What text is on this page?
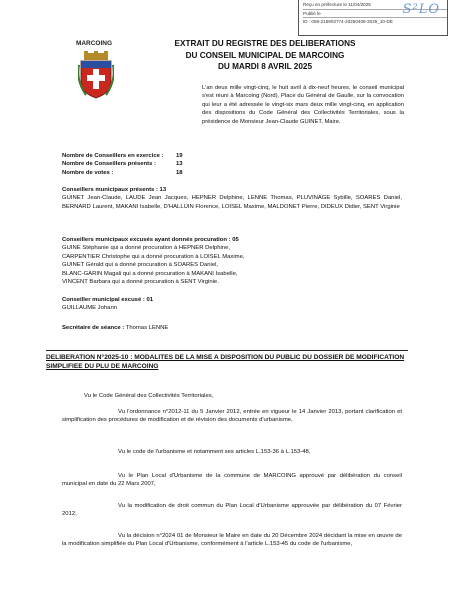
Reçu en préfecture le 11/04/2025
Publié le
ID : 059-215903774-20250408-2025_10-DE
S²LO
MARCOING	EXTRAIT DU REGISTRE DES DELIBERATIONS
DU CONSEIL MUNICIPAL DE MARCOING
DU MARDI 8 AVRIL 2025
L'an deux mille vingt-cinq, le huit avril à dix-neuf heures, le conseil municipal s'est réuni à Marcoing (Nord), Place du Général de Gaulle, sur la convocation qui leur a été adressée le vingt-six mars deux mille vingt-cinq, en application des dispositions du Code Général des Collectivités Territoriales, sous la présidence de Monsieur Jean-Claude GUINET, Maire.
Nombre de Conseillers en exercice : 19
Nombre de Conseillers présents :	13
Nombre de votes :	18
Conseillers municipaux présents : 13
GUINET Jean-Claude, LAUDE Jean Jacques, HEPNER Delphine, LENNE Thomas, PLUVINAGE Sybille, SOARES Daniel, BERNARD Laurent, MAKANI Isabelle, D'HALLUIN Florence, LOISEL Maxime, MALDONET Pierre, DIDEUX Didier, SENT Virginie
Conseillers municipaux excusés ayant donnés procuration : 05
GUINE Stéphanie qui a donné procuration à HEPNER Delphine,
CARPENTIER Christophe qui a donné procuration à LOISEL Maxime,
GUINET Gérald qui a donné procuration à SOARES Daniel,
BLANC-GARIN Magali qui a donné procuration à MAKANI Isabelle,
VINCENT Barbara qui a donné procuration à SENT Virginie.
Conseiller municipal excusé : 01
GUILLAUME Johann
Secrétaire de séance : Thomas LENNE
DELIBERATION N°2025-10 : MODALITES DE LA MISE A DISPOSITION DU PUBLIC DU DOSSIER DE MODIFICATION SIMPLIFIEE DU PLU DE MARCOING
Vu le Code Général des Collectivités Territoriales,
Vu l'ordonnance n°2012-11 du 5 Janvier 2012, entrée en vigueur le 14 Janvier 2013, portant clarification et simplification des procédures de modification et de révision des documents d'urbanisme,
Vu le code de l'urbanisme et notamment ses articles L.153-36 à L.153-48,
Vu le Plan Local d'Urbanisme de la commune de MARCOING approuvé par délibération du conseil municipal en date du 22 Mars 2007,
Vu la modification de droit commun du Plan Local d'Urbanisme approuvée par délibération du 07 Février 2012,
Vu la décision n°2024 01 de Monsieur le Maire en date du 20 Décembre 2024 décidant la mise en œuvre de la modification simplifiée du Plan Local d'Urbanisme, conformément à l'article L.153-45 du code de l'urbanisme,
